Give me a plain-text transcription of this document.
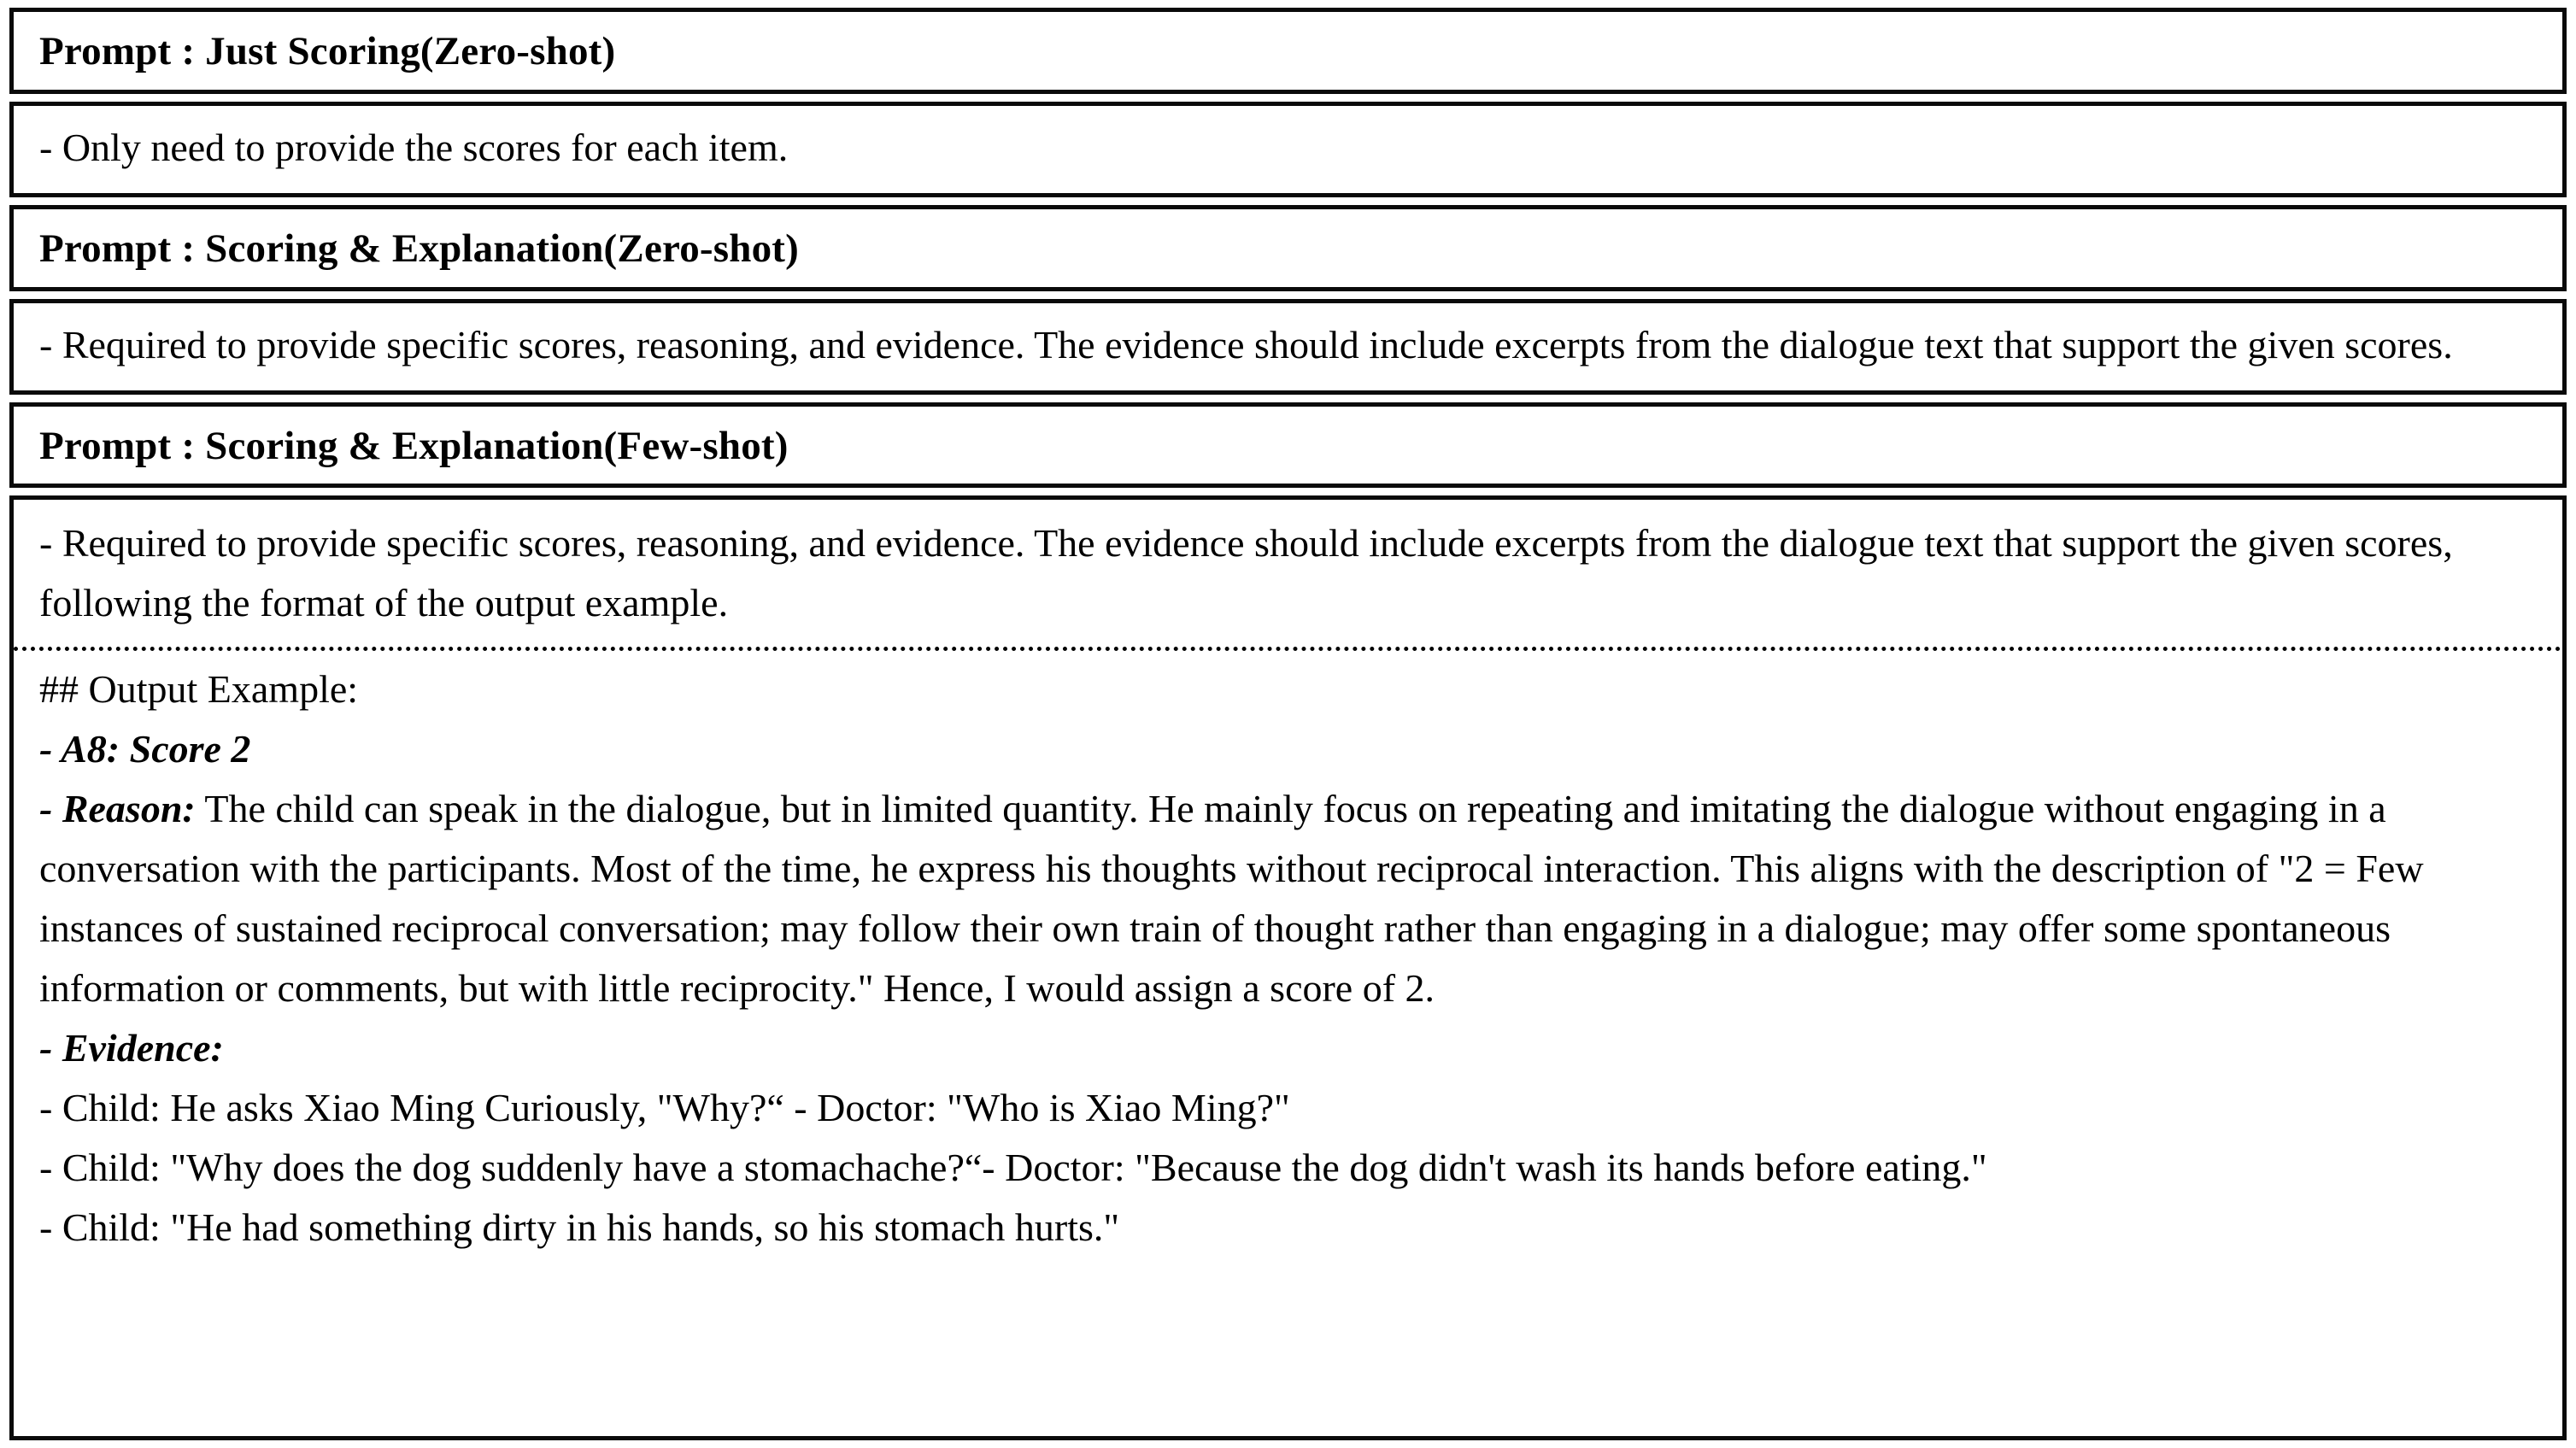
Prompt : Just Scoring(Zero-shot)

- Only need to provide the scores for each item.

Prompt : Scoring & Explanation(Zero-shot)

- Required to provide specific scores, reasoning, and evidence. The evidence should include excerpts from the dialogue text that support the given scores.

Prompt : Scoring & Explanation(Few-shot)

- Required to provide specific scores, reasoning, and evidence. The evidence should include excerpts from the dialogue text that support the given scores, following the format of the output example.

## Output Example:

- A8: Score 2

- Reason: The child can speak in the dialogue, but in limited quantity. He mainly focus on repeating and imitating the dialogue without engaging in a conversation with the participants. Most of the time, he express his thoughts without reciprocal interaction. This aligns with the description of "2 = Few instances of sustained reciprocal conversation; may follow their own train of thought rather than engaging in a dialogue; may offer some spontaneous information or comments, but with little reciprocity." Hence, I would assign a score of 2.

- Evidence:

- Child: He asks Xiao Ming Curiously, "Why?“ - Doctor: "Who is Xiao Ming?"

- Child: "Why does the dog suddenly have a stomachache?“- Doctor: "Because the dog didn't wash its hands before eating."

- Child: "He had something dirty in his hands, so his stomach hurts."
